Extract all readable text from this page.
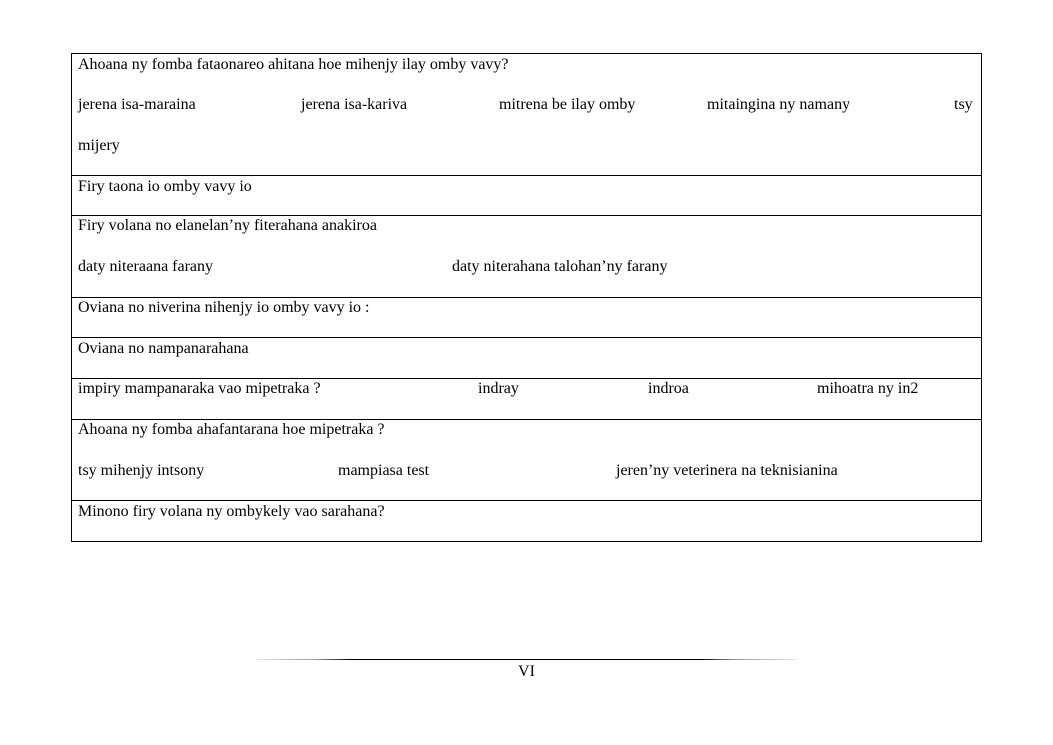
Ahoana ny fomba fataonareo ahitana hoe mihenjy ilay omby vavy?
jerena isa-maraina	jerena isa-kariva	mitrena be ilay omby	mitaingina ny namany	tsy
mijery
Firy taona io omby vavy io
Firy volana no elanelan’ny fiterahana anakiroa
daty niteraana farany	daty niterahana talohan’ny farany
Oviana no niverina nihenjy io omby vavy io :
Oviana no nampanarahana
impiry mampanaraka vao mipetraka ?	indray	indroa	mihoatra ny in2
Ahoana ny fomba ahafantarana hoe mipetraka ?
tsy mihenjy intsony	mampiasa test	jeren’ny veterinera na teknisianina
Minono firy volana ny ombykely vao sarahana?
VI
